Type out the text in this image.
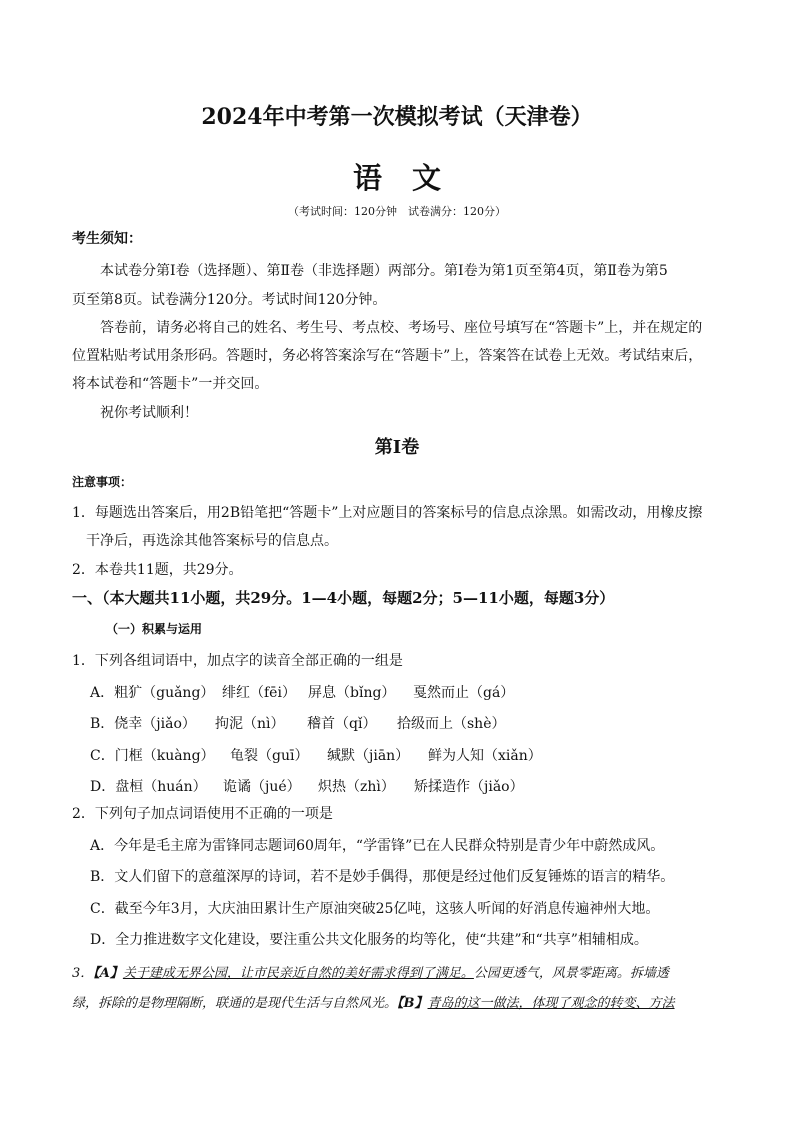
2024年中考第一次模拟考试（天津卷）
语文
（考试时间：120分钟　试卷满分：120分）
考生须知：
本试卷分第Ⅰ卷（选择题）、第Ⅱ卷（非选择题）两部分。第Ⅰ卷为第1页至第4页，第Ⅱ卷为第5
页至第8页。试卷满分120分。考试时间120分钟。
答卷前，请务必将自己的姓名、考生号、考点校、考场号、座位号填写在“答题卡”上，并在规定的
位置粘贴考试用条形码。答题时，务必将答案涂写在“答题卡”上，答案答在试卷上无效。考试结束后，
将本试卷和“答题卡”一并交回。
祝你考试顺利！
第Ⅰ卷
注意事项：
1．每题选出答案后，用2B铅笔把“答题卡”上对应题目的答案标号的信息点涂黑。如需改动，用橡皮擦
干净后，再选涂其他答案标号的信息点。
2．本卷共11题，共29分。
一、（本大题共11小题，共29分。1—4小题，每题2分；5—11小题，每题3分）
（一）积累与运用
1．下列各组词语中，加点字的读音全部正确的一组是
A．粗犷（guǎng） 绯红（fēi） 屏息（bǐng） 戛然而止（gá）
B．侥幸（jiǎo） 拘泥（nì） 稽首（qǐ） 拾级而上（shè）
C．门框（kuàng） 龟裂（guī） 缄默（jiān） 鲜为人知（xiǎn）
D．盘桓（huán） 诡谲（jué） 炽热（zhì） 矫揉造作（jiǎo）
2．下列句子加点词语使用不正确的一项是
A．今年是毛主席为雷锋同志题词60周年，“学雷锋”已在人民群众特别是青少年中蔚然成风。
B．文人们留下的意蕴深厚的诗词，若不是妙手偶得，那便是经过他们反复锤炼的语言的精华。
C．截至今年3月，大庆油田累计生产原油突破25亿吨，这骇人听闻的好消息传遍神州大地。
D．全力推进数字文化建设，要注重公共文化服务的均等化，使“共建”和“共享”相辅相成。
3．【A】关于建成无界公园，让市民亲近自然的美好需求得到了满足。公园更透气，风景零距离。拆墙透
绿，拆除的是物理隔断，联通的是现代生活与自然风光。【B】青岛的这一做法，体现了观念的转变、方法
